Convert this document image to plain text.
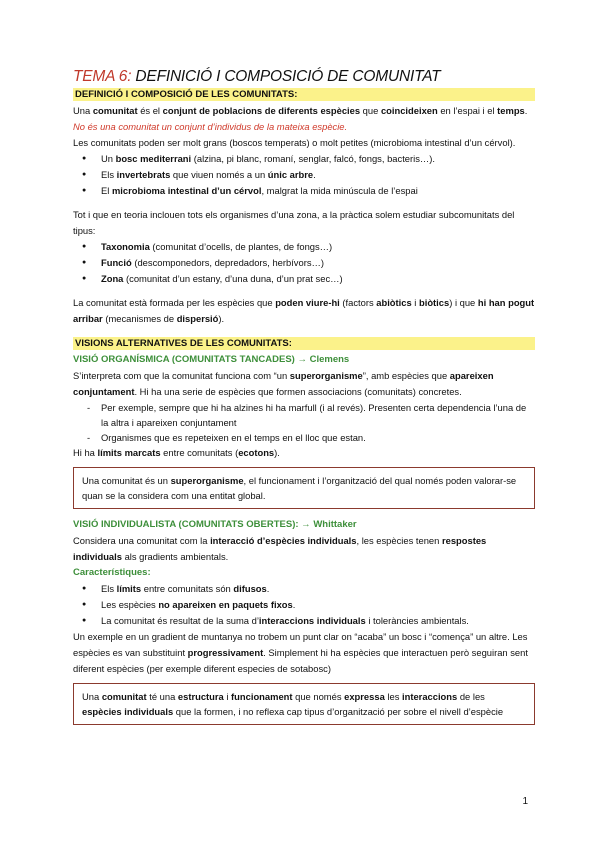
TEMA 6: DEFINICIÓ I COMPOSICIÓ DE COMUNITAT
DEFINICIÓ I COMPOSICIÓ DE LES COMUNITATS:

Una comunitat és el conjunt de poblacions de diferents espècies que coincideixen en l’espai i el temps. No és una comunitat un conjunt d’individus de la mateixa espècie.

Les comunitats poden ser molt grans (boscos temperats) o molt petites (microbioma intestinal d’un cérvol).

● Un bosc mediterrani (alzina, pi blanc, romaní, senglar, falcó, fongs, bacteris…).
● Els invertebrats que viuen només a un únic arbre.
● El microbioma intestinal d’un cérvol, malgrat la mida minúscula de l’espai

Tot i que en teoria inclouen tots els organismes d’una zona, a la pràctica solem estudiar subcomunitats del tipus:

● Taxonomia (comunitat d’ocells, de plantes, de fongs…)
● Funció (descomponedors, depredadors, herbívors…)
● Zona (comunitat d’un estany, d’una duna, d’un prat sec…)

La comunitat està formada per les espècies que poden viure-hi (factors abiòtics i biòtics) i que hi han pogut arribar (mecanismes de dispersió).

VISIONS ALTERNATIVES DE LES COMUNITATS:
VISIÓ ORGANÍSMICA (COMUNITATS TANCADES) → Clemens

S’interpreta com que la comunitat funciona com “un superorganisme”, amb espècies que apareixen conjuntament. Hi ha una serie de espècies que formen associacions (comunitats) concretes.

- Per exemple, sempre que hi ha alzines hi ha marfull (i al revés). Presenten certa dependencia l’una de la altra i apareixen conjuntament
- Organismes que es repeteixen en el temps en el lloc que estan.

Hi ha límits marcats entre comunitats (ecotons).

Una comunitat és un superorganisme, el funcionament i l’organització del qual només poden valorar-se quan se la considera com una entitat global.
VISIÓ INDIVIDUALISTA (COMUNITATS OBERTES): → Whittaker

Considera una comunitat com la interacció d’espècies individuals, les espècies tenen respostes individuals als gradients ambientals.

Característiques:
● Els límits entre comunitats són difusos.
● Les espècies no apareixen en paquets fixos.
● La comunitat és resultat de la suma d’interaccions individuals i toleràncies ambientals.

Un exemple en un gradient de muntanya no trobem un punt clar on “acaba” un bosc i “comença” un altre. Les espècies es van substituint progressivament. Simplement hi ha espècies que interactuen però seguiran sent diferent espècies (per exemple diferent especies de sotabosc)

Una comunitat té una estructura i funcionament que només expressa les interaccions de les espècies individuals que la formen, i no reflexa cap tipus d’organització per sobre el nivell d’espècie
1
